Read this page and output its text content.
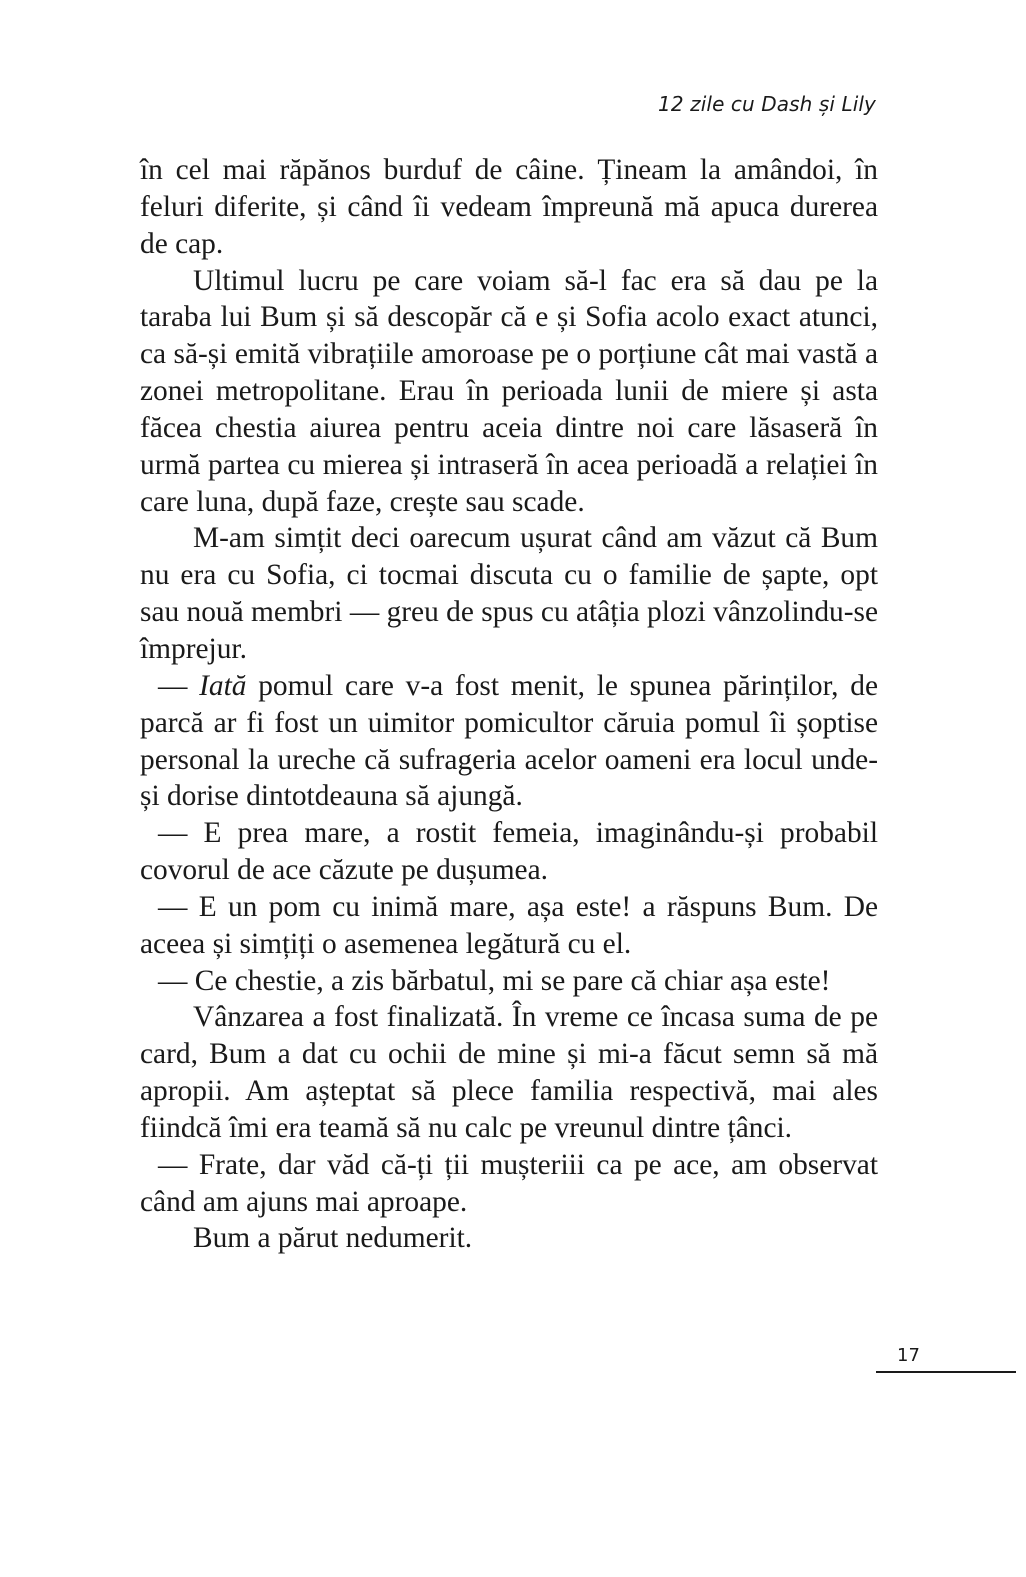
12 zile cu Dash și Lily

în cel mai răpănos burduf de câine. Țineam la amândoi, în feluri diferite, și când îi vedeam împreună mă apuca durerea de cap.

Ultimul lucru pe care voiam să-l fac era să dau pe la taraba lui Bum și să descopăr că e și Sofia acolo exact atunci, ca să-și emită vibrațiile amoroase pe o porțiune cât mai vastă a zonei metropolitane. Erau în perioada lunii de miere și asta făcea chestia aiurea pentru aceia dintre noi care lăsaseră în urmă partea cu mierea și intraseră în acea perioadă a relației în care luna, după faze, crește sau scade.

M-am simțit deci oarecum ușurat când am văzut că Bum nu era cu Sofia, ci tocmai discuta cu o familie de șapte, opt sau nouă membri — greu de spus cu atâția plozi vânzolindu-se împrejur.

— Iată pomul care v-a fost menit, le spunea părinților, de parcă ar fi fost un uimitor pomicultor căruia pomul îi șoptise personal la ureche că sufrageria acelor oameni era locul unde-și dorise dintotdeauna să ajungă.

— E prea mare, a rostit femeia, imaginându-și probabil covorul de ace căzute pe dușumea.

— E un pom cu inimă mare, așa este! a răspuns Bum. De aceea și simțiți o asemenea legătură cu el.

— Ce chestie, a zis bărbatul, mi se pare că chiar așa este!

Vânzarea a fost finalizată. În vreme ce încasa suma de pe card, Bum a dat cu ochii de mine și mi-a făcut semn să mă apropii. Am așteptat să plece familia respectivă, mai ales fiindcă îmi era teamă să nu calc pe vreunul dintre țânci.

— Frate, dar văd că-ți ții mușteriii ca pe ace, am observat când am ajuns mai aproape.

Bum a părut nedumerit.

17
